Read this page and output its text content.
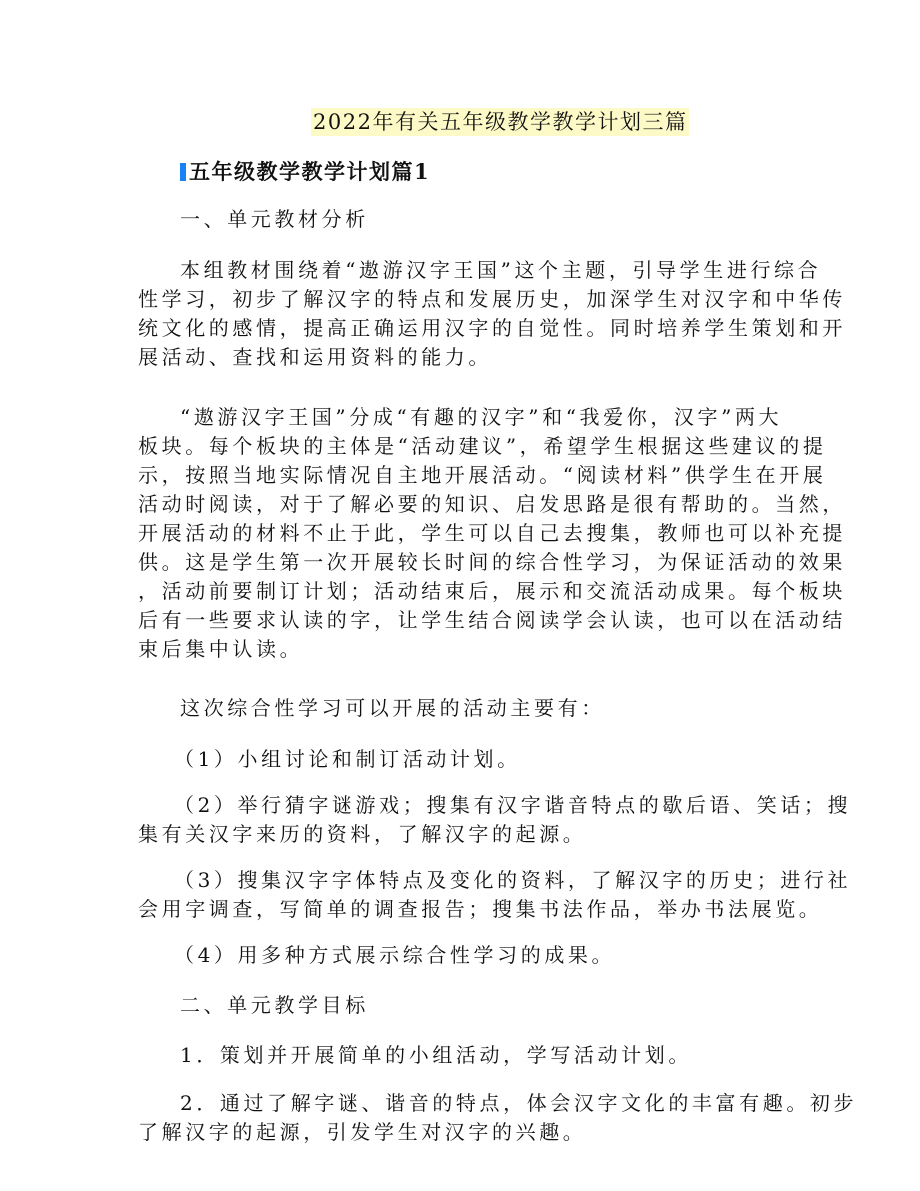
2022年有关五年级教学教学计划三篇
五年级教学教学计划篇1
一、单元教材分析
本组教材围绕着“遨游汉字王国”这个主题，引导学生进行综合
性学习，初步了解汉字的特点和发展历史，加深学生对汉字和中华传
统文化的感情，提高正确运用汉字的自觉性。同时培养学生策划和开
展活动、查找和运用资料的能力。
“遨游汉字王国”分成“有趣的汉字”和“我爱你，汉字”两大
板块。每个板块的主体是“活动建议”，希望学生根据这些建议的提
示，按照当地实际情况自主地开展活动。“阅读材料”供学生在开展
活动时阅读，对于了解必要的知识、启发思路是很有帮助的。当然，
开展活动的材料不止于此，学生可以自己去搜集，教师也可以补充提
供。这是学生第一次开展较长时间的综合性学习，为保证活动的效果
，活动前要制订计划；活动结束后，展示和交流活动成果。每个板块
后有一些要求认读的字，让学生结合阅读学会认读，也可以在活动结
束后集中认读。
这次综合性学习可以开展的活动主要有：
（1）小组讨论和制订活动计划。
（2）举行猜字谜游戏；搜集有汉字谐音特点的歇后语、笑话；搜
集有关汉字来历的资料，了解汉字的起源。
（3）搜集汉字字体特点及变化的资料，了解汉字的历史；进行社
会用字调查，写简单的调查报告；搜集书法作品，举办书法展览。
（4）用多种方式展示综合性学习的成果。
二、单元教学目标
1．策划并开展简单的小组活动，学写活动计划。
2．通过了解字谜、谐音的特点，体会汉字文化的丰富有趣。初步
了解汉字的起源，引发学生对汉字的兴趣。
